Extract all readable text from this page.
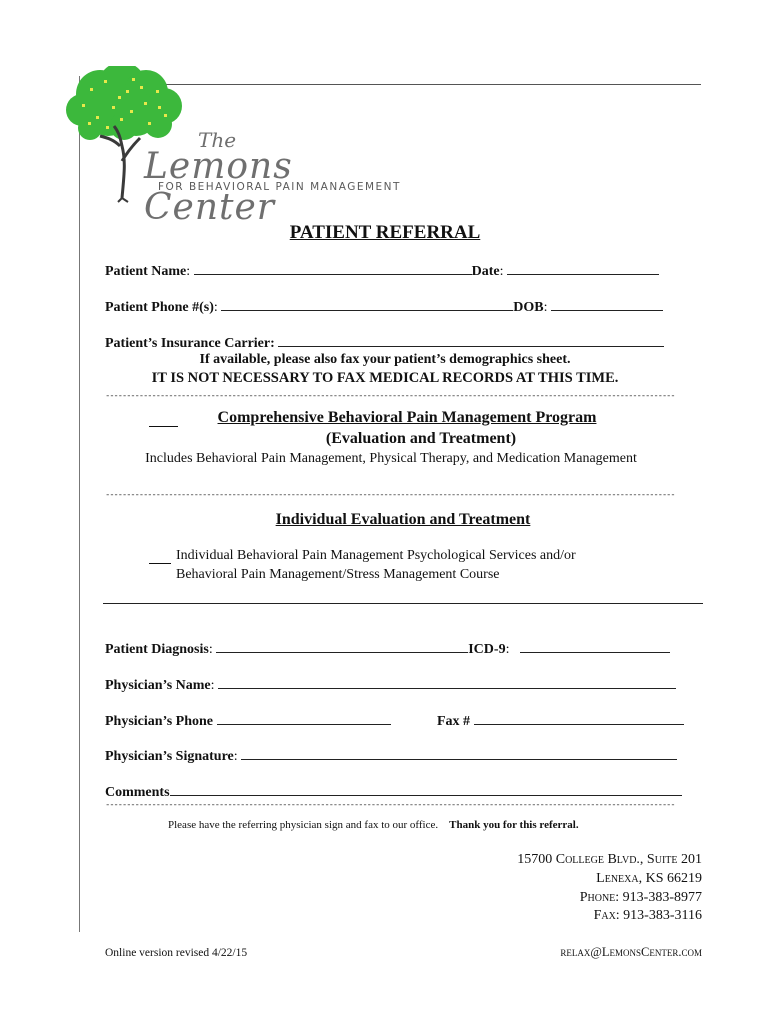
The
Lemons Center
FOR BEHAVIORAL PAIN MANAGEMENT
PATIENT REFERRAL
Patient Name:	Date:
Patient Phone #(s):	DOB:
Patient’s Insurance Carrier:
If available, please also fax your patient’s demographics sheet.
IT IS NOT NECESSARY TO FAX MEDICAL RECORDS AT THIS TIME.
-----
Comprehensive Behavioral Pain Management Program
(Evaluation and Treatment)
Includes Behavioral Pain Management, Physical Therapy, and Medication Management
-----
Individual Evaluation and Treatment
Individual Behavioral Pain Management Psychological Services and/or
Behavioral Pain Management/Stress Management Course
Patient Diagnosis:	ICD-9:
Physician’s Name:
Physician’s Phone	Fax #
Physician’s Signature:
Comments
-----
Please have the referring physician sign and fax to our office. Thank you for this referral.
15700 College Blvd., Suite 201
Lenexa, KS 66219
Phone: 913-383-8977
Fax: 913-383-3116
Online version revised 4/22/15	relax@LemonsCenter.com
